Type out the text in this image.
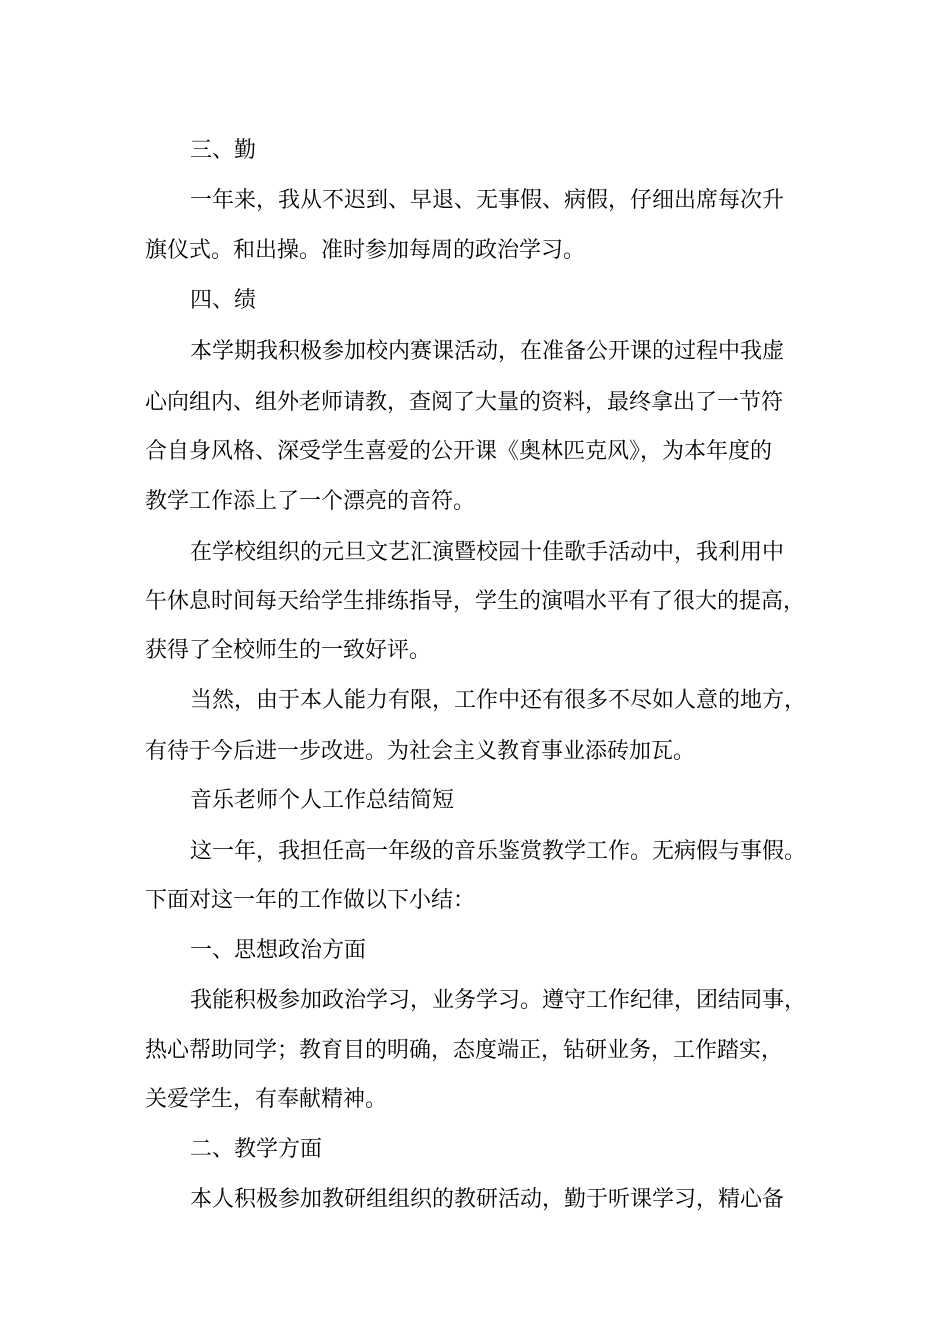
三、勤
一年来，我从不迟到、早退、无事假、病假，仔细出席每次升
旗仪式。和出操。准时参加每周的政治学习。
四、绩
本学期我积极参加校内赛课活动，在准备公开课的过程中我虚
心向组内、组外老师请教，查阅了大量的资料，最终拿出了一节符
合自身风格、深受学生喜爱的公开课《奥林匹克风》，为本年度的
教学工作添上了一个漂亮的音符。
在学校组织的元旦文艺汇演暨校园十佳歌手活动中，我利用中
午休息时间每天给学生排练指导，学生的演唱水平有了很大的提高，
获得了全校师生的一致好评。
当然，由于本人能力有限，工作中还有很多不尽如人意的地方，
有待于今后进一步改进。为社会主义教育事业添砖加瓦。
音乐老师个人工作总结简短
这一年，我担任高一年级的音乐鉴赏教学工作。无病假与事假。
下面对这一年的工作做以下小结：
一、思想政治方面
我能积极参加政治学习，业务学习。遵守工作纪律，团结同事，
热心帮助同学；教育目的明确，态度端正，钻研业务，工作踏实，
关爱学生，有奉献精神。
二、教学方面
本人积极参加教研组组织的教研活动，勤于听课学习，精心备
